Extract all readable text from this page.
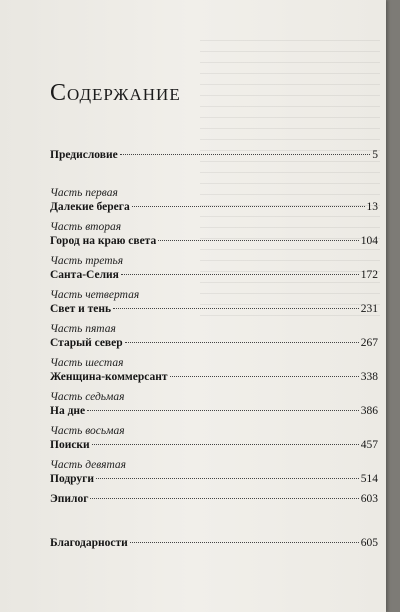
Содержание
Предисловие	5
Часть первая
Далекие берега	13
Часть вторая
Город на краю света	104
Часть третья
Санта-Селия	172
Часть четвертая
Свет и тень	231
Часть пятая
Старый север	267
Часть шестая
Женщина-коммерсант	338
Часть седьмая
На дне	386
Часть восьмая
Поиски	457
Часть девятая
Подруги	514
Эпилог	603
Благодарности	605
